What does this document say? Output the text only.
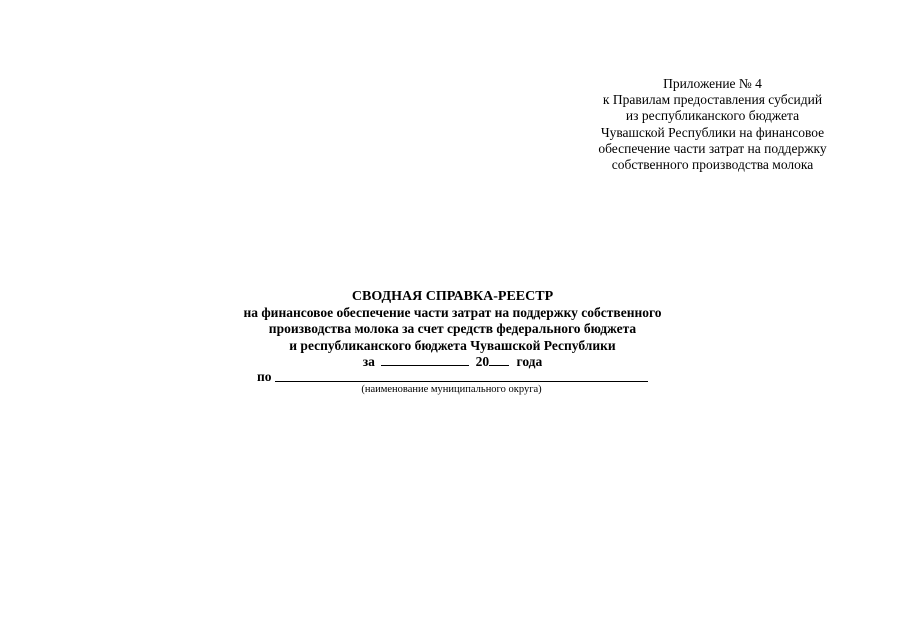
Приложение № 4
к Правилам предоставления субсидий
из республиканского бюджета
Чувашской Республики на финансовое
обеспечение части затрат на поддержку
собственного производства молока
СВОДНАЯ СПРАВКА-РЕЕСТР
на финансовое обеспечение части затрат на поддержку собственного
производства молока за счет средств федерального бюджета
и республиканского бюджета Чувашской Республики
за	20 года
по
(наименование муниципального округа)
